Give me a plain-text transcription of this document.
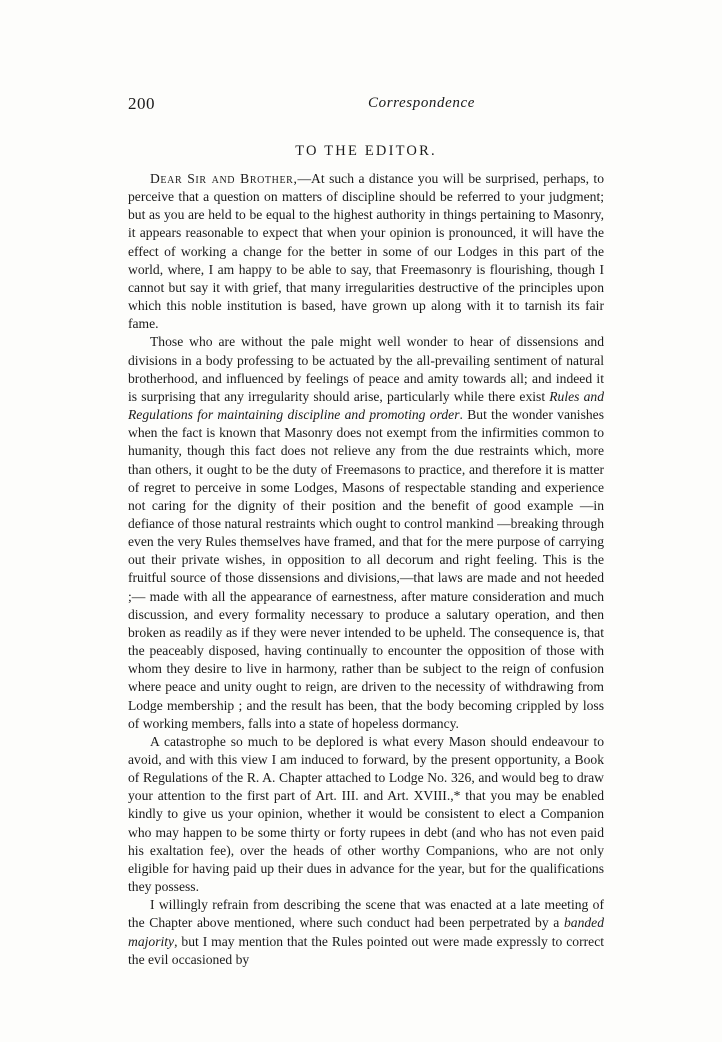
200	Correspondence
TO THE EDITOR.

Dear Sir and Brother,—At such a distance you will be surprised, perhaps, to perceive that a question on matters of discipline should be referred to your judgment; but as you are held to be equal to the highest authority in things pertaining to Masonry, it appears reasonable to expect that when your opinion is pronounced, it will have the effect of working a change for the better in some of our Lodges in this part of the world, where, I am happy to be able to say, that Freemasonry is flourishing, though I cannot but say it with grief, that many irregularities destructive of the principles upon which this noble institution is based, have grown up along with it to tarnish its fair fame.

Those who are without the pale might well wonder to hear of dissensions and divisions in a body professing to be actuated by the all-prevailing sentiment of natural brotherhood, and influenced by feelings of peace and amity towards all; and indeed it is surprising that any irregularity should arise, particularly while there exist Rules and Regulations for maintaining discipline and promoting order. But the wonder vanishes when the fact is known that Masonry does not exempt from the infirmities common to humanity, though this fact does not relieve any from the due restraints which, more than others, it ought to be the duty of Freemasons to practice, and therefore it is matter of regret to perceive in some Lodges, Masons of respectable standing and experience not caring for the dignity of their position and the benefit of good example —in defiance of those natural restraints which ought to control mankind —breaking through even the very Rules themselves have framed, and that for the mere purpose of carrying out their private wishes, in opposition to all decorum and right feeling. This is the fruitful source of those dissensions and divisions,—that laws are made and not heeded ;— made with all the appearance of earnestness, after mature consideration and much discussion, and every formality necessary to produce a salutary operation, and then broken as readily as if they were never intended to be upheld. The consequence is, that the peaceably disposed, having continually to encounter the opposition of those with whom they desire to live in harmony, rather than be subject to the reign of confusion where peace and unity ought to reign, are driven to the necessity of withdrawing from Lodge membership ; and the result has been, that the body becoming crippled by loss of working members, falls into a state of hopeless dormancy.

A catastrophe so much to be deplored is what every Mason should endeavour to avoid, and with this view I am induced to forward, by the present opportunity, a Book of Regulations of the R. A. Chapter attached to Lodge No. 326, and would beg to draw your attention to the first part of Art. III. and Art. XVIII.,* that you may be enabled kindly to give us your opinion, whether it would be consistent to elect a Companion who may happen to be some thirty or forty rupees in debt (and who has not even paid his exaltation fee), over the heads of other worthy Companions, who are not only eligible for having paid up their dues in advance for the year, but for the qualifications they possess.

I willingly refrain from describing the scene that was enacted at a late meeting of the Chapter above mentioned, where such conduct had been perpetrated by a banded majority, but I may mention that the Rules pointed out were made expressly to correct the evil occasioned by
